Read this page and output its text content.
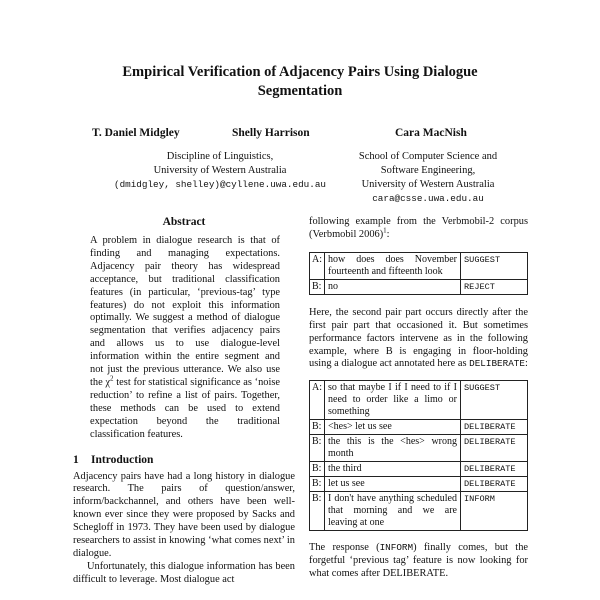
Empirical Verification of Adjacency Pairs Using Dialogue
Segmentation
T. Daniel Midgley	Shelly Harrison	Cara MacNish
Discipline of Linguistics,
University of Western Australia
(dmidgley, shelley)@cyllene.uwa.edu.au
School of Computer Science and
Software Engineering,
University of Western Australia
cara@csse.uwa.edu.au
Abstract

A problem in dialogue research is that of finding and managing expectations. Adjacency pair theory has widespread acceptance, but traditional classification features (in particular, ‘previous-tag’ type features) do not exploit this information optimally. We suggest a method of dialogue segmentation that verifies adjacency pairs and allows us to use dialogue-level information within the entire segment and not just the previous utterance. We also use the $\chi^2$ test for statistical significance as ‘noise reduction’ to refine a list of pairs. Together, these methods can be used to extend expectation beyond the traditional classification features.

1 Introduction

Adjacency pairs have had a long history in dialogue research. The pairs of question/answer, inform/backchannel, and others have been well-known ever since they were proposed by Sacks and Schegloff in 1973. They have been used by dialogue researchers to assist in knowing ‘what comes next’ in dialogue.

Unfortunately, this dialogue information has been difficult to leverage. Most dialogue act

following example from the Verbmobil-2 corpus (Verbmobil 2006)$^1$:

A:	how does does November fourteenth and fifteenth look	SUGGEST
B:	no	REJECT

Here, the second pair part occurs directly after the first pair part that occasioned it. But sometimes performance factors intervene as in the following example, where B is engaging in floor-holding using a dialogue act annotated here as DELIBERATE:

A:	so that maybe I if I need to if I need to order like a limo or something	SUGGEST
B:	<hes> let us see	DELIBERATE
B:	the this is the <hes> wrong month	DELIBERATE
B:	the third	DELIBERATE
B:	let us see	DELIBERATE
B:	I don't have anything scheduled that morning and we are leaving at one	INFORM

The response (INFORM) finally comes, but the forgetful ‘previous tag’ feature is now looking for what comes after DELIBERATE.
